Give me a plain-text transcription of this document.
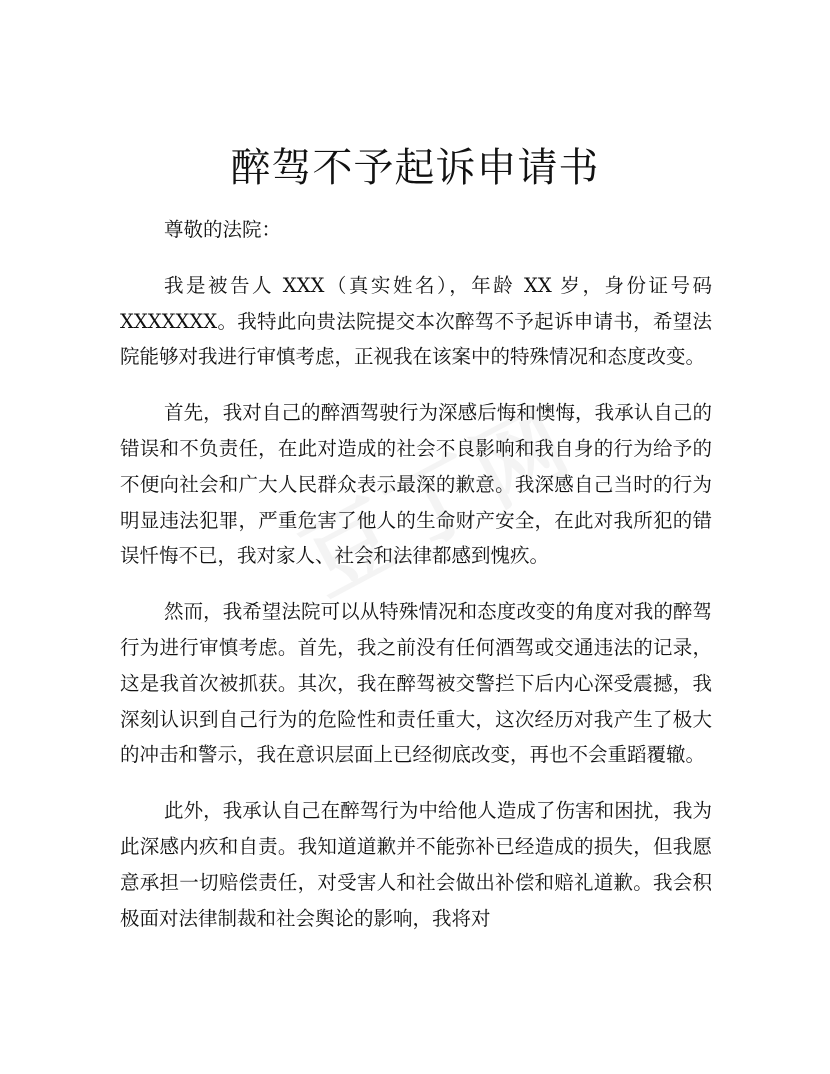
醉驾不予起诉申请书

尊敬的法院：

我是被告人 XXX（真实姓名），年龄 XX 岁，身份证号码 XXXXXXX。我特此向贵法院提交本次醉驾不予起诉申请书，希望法院能够对我进行审慎考虑，正视我在该案中的特殊情况和态度改变。

首先，我对自己的醉酒驾驶行为深感后悔和懊悔，我承认自己的错误和不负责任，在此对造成的社会不良影响和我自身的行为给予的不便向社会和广大人民群众表示最深的歉意。我深感自己当时的行为明显违法犯罪，严重危害了他人的生命财产安全，在此对我所犯的错误忏悔不已，我对家人、社会和法律都感到愧疚。

然而，我希望法院可以从特殊情况和态度改变的角度对我的醉驾行为进行审慎考虑。首先，我之前没有任何酒驾或交通违法的记录，这是我首次被抓获。其次，我在醉驾被交警拦下后内心深受震撼，我深刻认识到自己行为的危险性和责任重大，这次经历对我产生了极大的冲击和警示，我在意识层面上已经彻底改变，再也不会重蹈覆辙。

此外，我承认自己在醉驾行为中给他人造成了伤害和困扰，我为此深感内疚和自责。我知道道歉并不能弥补已经造成的损失，但我愿意承担一切赔偿责任，对受害人和社会做出补偿和赔礼道歉。我会积极面对法律制裁和社会舆论的影响，我将对
